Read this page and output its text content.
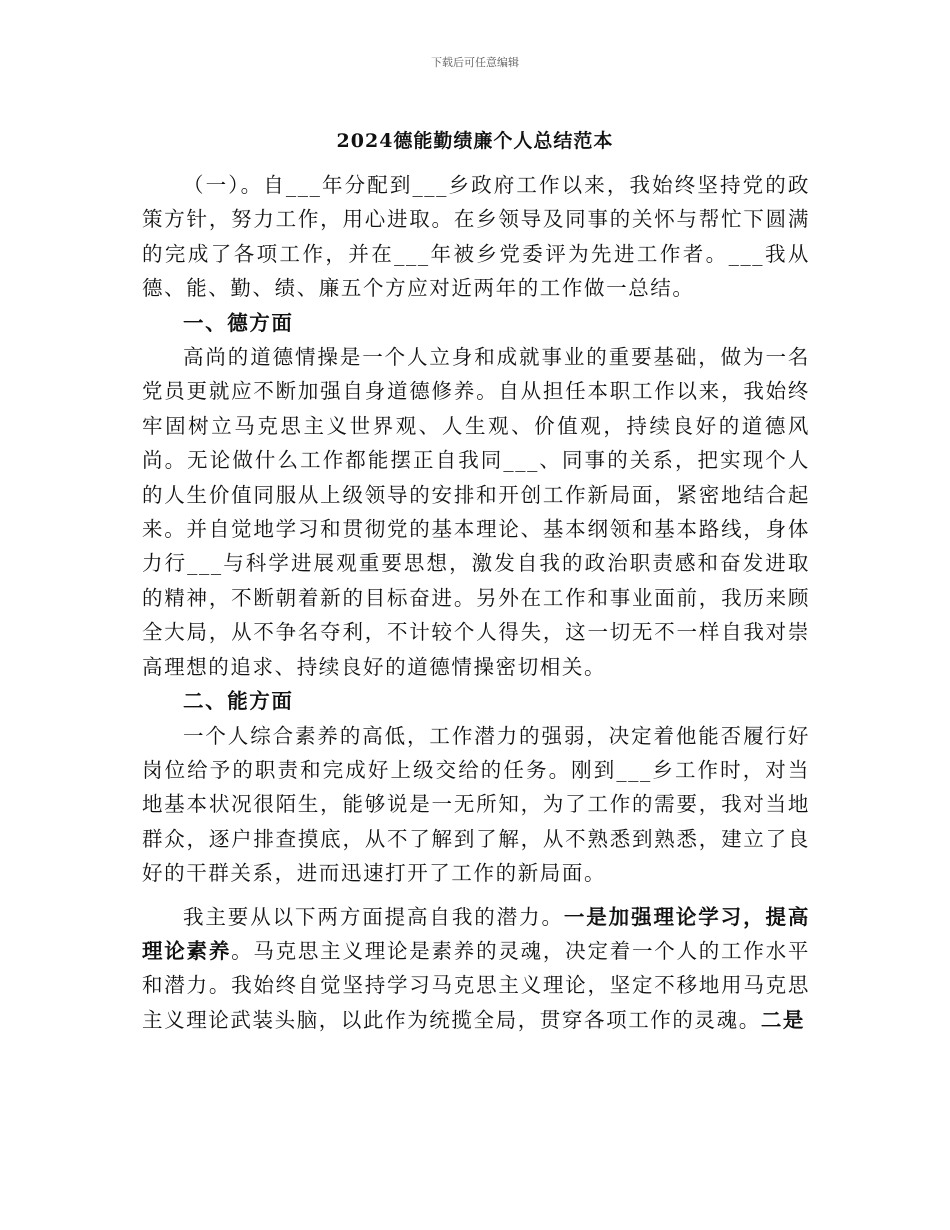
下载后可任意编辑
2024德能勤绩廉个人总结范本

（一）。自___年分配到___乡政府工作以来，我始终坚持党的政策方针，努力工作，用心进取。在乡领导及同事的关怀与帮忙下圆满的完成了各项工作，并在___年被乡党委评为先进工作者。___我从德、能、勤、绩、廉五个方应对近两年的工作做一总结。

一、德方面

高尚的道德情操是一个人立身和成就事业的重要基础，做为一名党员更就应不断加强自身道德修养。自从担任本职工作以来，我始终牢固树立马克思主义世界观、人生观、价值观，持续良好的道德风尚。无论做什么工作都能摆正自我同___、同事的关系，把实现个人的人生价值同服从上级领导的安排和开创工作新局面，紧密地结合起来。并自觉地学习和贯彻党的基本理论、基本纲领和基本路线，身体力行___与科学进展观重要思想，激发自我的政治职责感和奋发进取的精神，不断朝着新的目标奋进。另外在工作和事业面前，我历来顾全大局，从不争名夺利，不计较个人得失，这一切无不一样自我对崇高理想的追求、持续良好的道德情操密切相关。

二、能方面

一个人综合素养的高低，工作潜力的强弱，决定着他能否履行好岗位给予的职责和完成好上级交给的任务。刚到___乡工作时，对当地基本状况很陌生，能够说是一无所知，为了工作的需要，我对当地群众，逐户排查摸底，从不了解到了解，从不熟悉到熟悉，建立了良好的干群关系，进而迅速打开了工作的新局面。

我主要从以下两方面提高自我的潜力。一是加强理论学习，提高理论素养。马克思主义理论是素养的灵魂，决定着一个人的工作水平和潜力。我始终自觉坚持学习马克思主义理论，坚定不移地用马克思主义理论武装头脑，以此作为统揽全局，贯穿各项工作的灵魂。二是
